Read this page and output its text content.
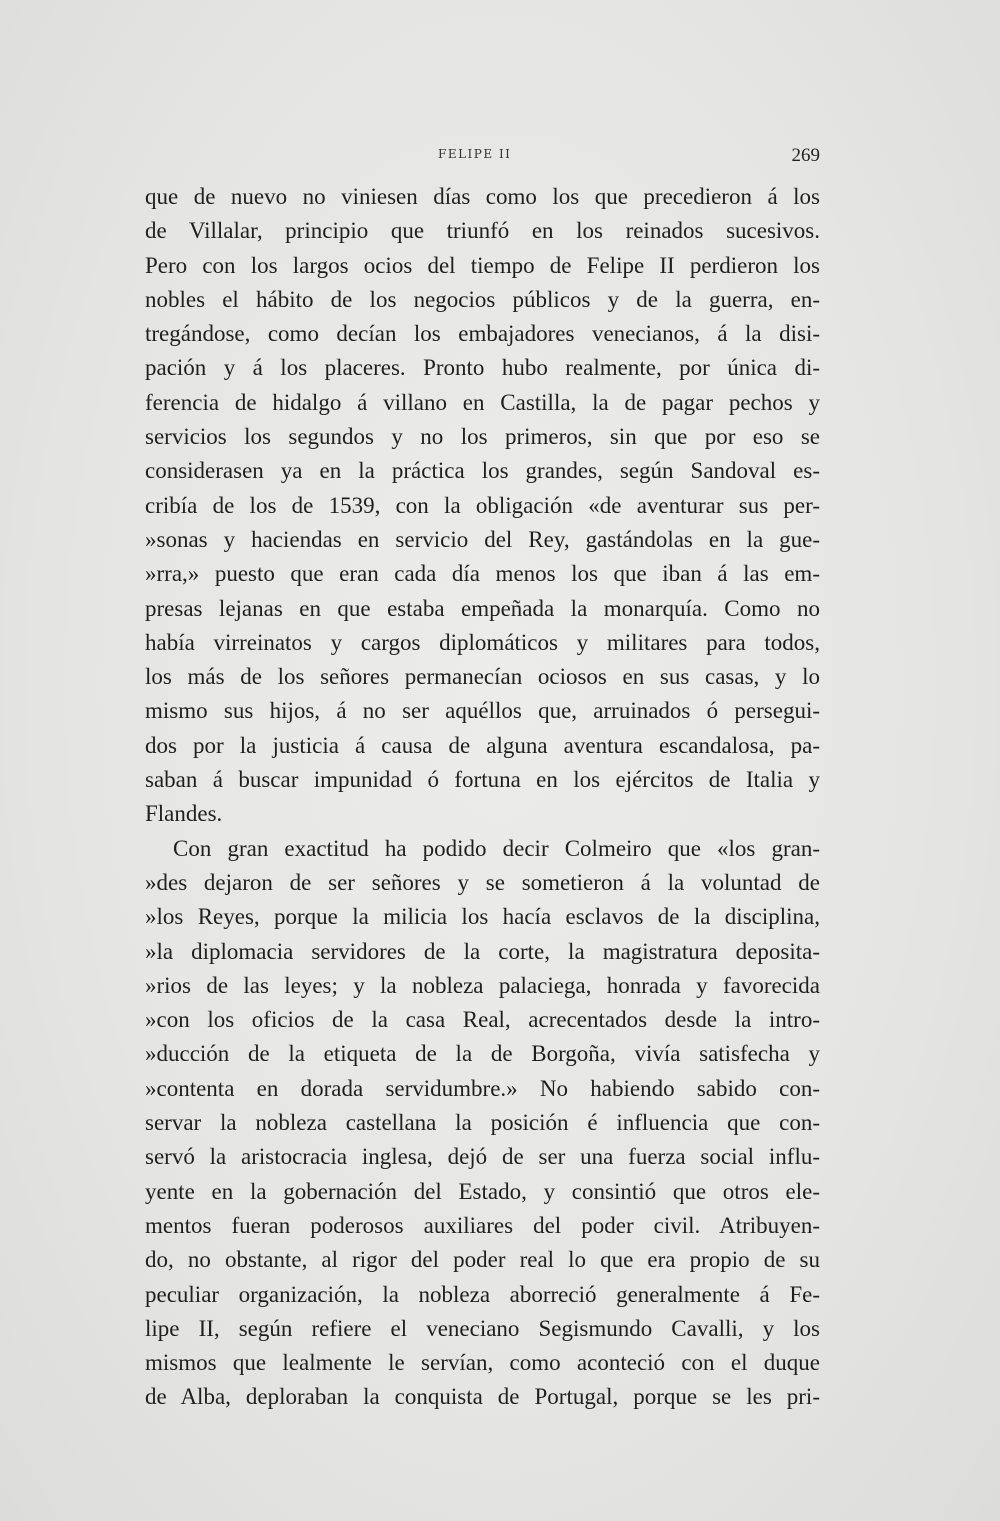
FELIPE II	269
que de nuevo no viniesen días como los que precedieron á los
de Villalar, principio que triunfó en los reinados sucesivos.
Pero con los largos ocios del tiempo de Felipe II perdieron los
nobles el hábito de los negocios públicos y de la guerra, en-
tregándose, como decían los embajadores venecianos, á la disi-
pación y á los placeres. Pronto hubo realmente, por única di-
ferencia de hidalgo á villano en Castilla, la de pagar pechos y
servicios los segundos y no los primeros, sin que por eso se
considerasen ya en la práctica los grandes, según Sandoval es-
cribía de los de 1539, con la obligación «de aventurar sus per-
»sonas y haciendas en servicio del Rey, gastándolas en la gue-
»rra,» puesto que eran cada día menos los que iban á las em-
presas lejanas en que estaba empeñada la monarquía. Como no
había virreinatos y cargos diplomáticos y militares para todos,
los más de los señores permanecían ociosos en sus casas, y lo
mismo sus hijos, á no ser aquéllos que, arruinados ó persegui-
dos por la justicia á causa de alguna aventura escandalosa, pa-
saban á buscar impunidad ó fortuna en los ejércitos de Italia y
Flandes.
Con gran exactitud ha podido decir Colmeiro que «los gran-
»des dejaron de ser señores y se sometieron á la voluntad de
»los Reyes, porque la milicia los hacía esclavos de la disciplina,
»la diplomacia servidores de la corte, la magistratura deposita-
»rios de las leyes; y la nobleza palaciega, honrada y favorecida
»con los oficios de la casa Real, acrecentados desde la intro-
»ducción de la etiqueta de la de Borgoña, vivía satisfecha y
»contenta en dorada servidumbre.» No habiendo sabido con-
servar la nobleza castellana la posición é influencia que con-
servó la aristocracia inglesa, dejó de ser una fuerza social influ-
yente en la gobernación del Estado, y consintió que otros ele-
mentos fueran poderosos auxiliares del poder civil. Atribuyen-
do, no obstante, al rigor del poder real lo que era propio de su
peculiar organización, la nobleza aborreció generalmente á Fe-
lipe II, según refiere el veneciano Segismundo Cavalli, y los
mismos que lealmente le servían, como aconteció con el duque
de Alba, deploraban la conquista de Portugal, porque se les pri-
